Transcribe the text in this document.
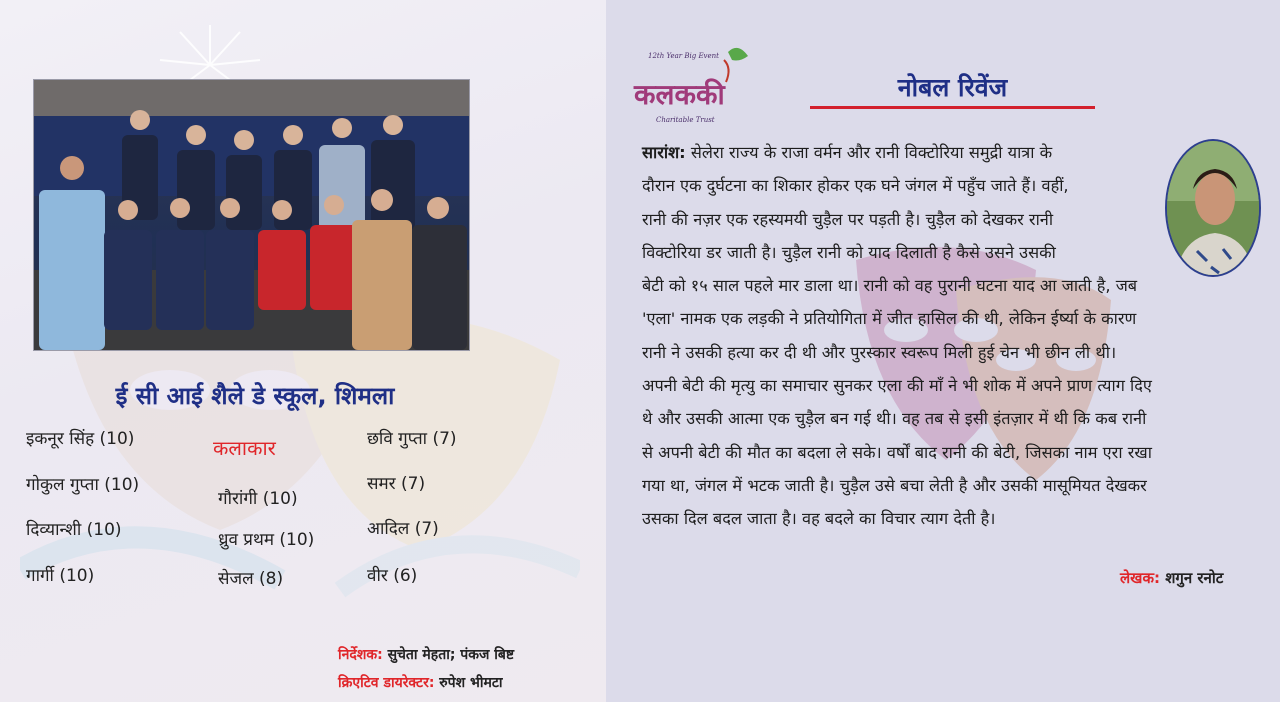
ई सी आई शैले डे स्कूल, शिमला
कलाकार
इकनूर सिंह (10)
गोकुल गुप्ता (10)
दिव्यान्शी (10)
गार्गी (10)
गौरांगी (10)
ध्रुव प्रथम (10)
सेजल (8)
छवि गुप्ता (7)
समर (7)
आदिल (7)
वीर (6)
निर्देशक: सुचेता मेहता; पंकज बिष्ट
क्रिएटिव डायरेक्टर: रुपेश भीमटा
12th Year Big Event
कलककी
Charitable Trust
नोबल रिवेंज
सारांश: सेलेरा राज्य के राजा वर्मन और रानी विक्टोरिया समुद्री यात्रा के
दौरान एक दुर्घटना का शिकार होकर एक घने जंगल में पहुँच जाते हैं। वहीं,
रानी की नज़र एक रहस्यमयी चुड़ैल पर पड़ती है। चुड़ैल को देखकर रानी
विक्टोरिया डर जाती है। चुड़ैल रानी को याद दिलाती है कैसे उसने उसकी
बेटी को १५ साल पहले मार डाला था। रानी को वह पुरानी घटना याद आ जाती है, जब
'एला' नामक एक लड़की ने प्रतियोगिता में जीत हासिल की थी, लेकिन ईर्ष्या के कारण
रानी ने उसकी हत्या कर दी थी और पुरस्कार स्वरूप मिली हुई चेन भी छीन ली थी।
अपनी बेटी की मृत्यु का समाचार सुनकर एला की माँ ने भी शोक में अपने प्राण त्याग दिए
थे और उसकी आत्मा एक चुड़ैल बन गई थी। वह तब से इसी इंतज़ार में थी कि कब रानी
से अपनी बेटी की मौत का बदला ले सके। वर्षों बाद रानी की बेटी, जिसका नाम एरा रखा
गया था, जंगल में भटक जाती है। चुड़ैल उसे बचा लेती है और उसकी मासूमियत देखकर
उसका दिल बदल जाता है। वह बदले का विचार त्याग देती है।
लेखक: शगुन रनोट
